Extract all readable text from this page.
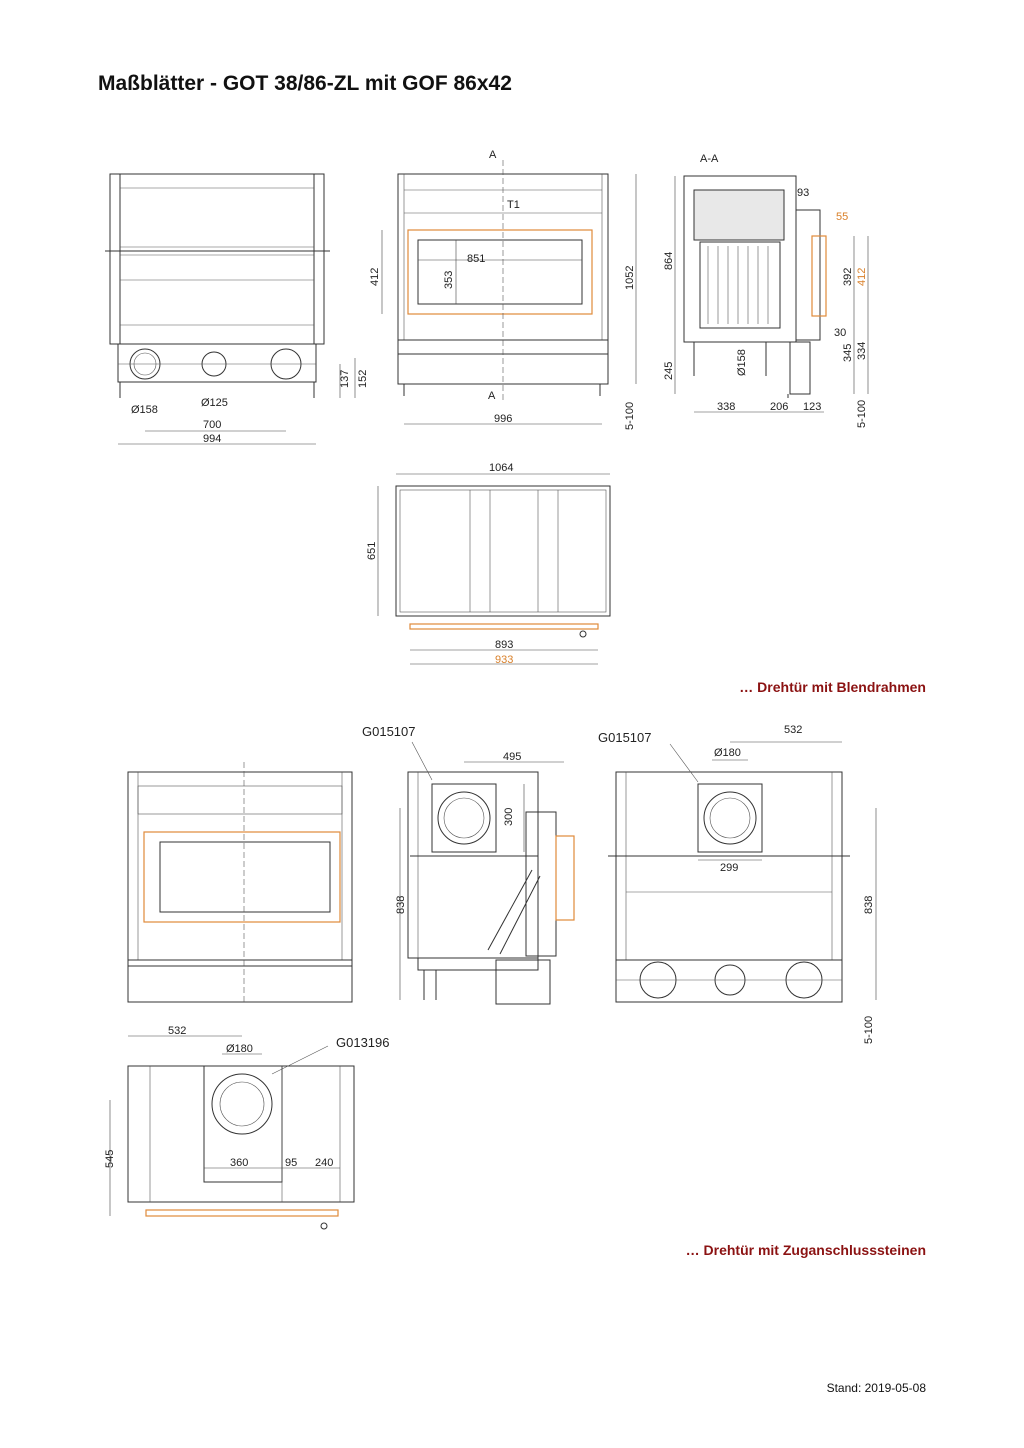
Maßblätter - GOT 38/86-ZL mit GOF 86x42
Ø158
Ø125
700
994
137 152
A
A
T1
851
412	353	1052
996	5-100
A-A
93
55
864
392 412
30
345 334
245	Ø158
338	206 123	5-100
1064
651
893
933
G015107
495
300
838
G015107	532
Ø180
299
838
5-100
532
Ø180	G013196
545	360	95 240
… Drehtür mit Blendrahmen
… Drehtür mit Zuganschlusssteinen
Stand: 2019-05-08
